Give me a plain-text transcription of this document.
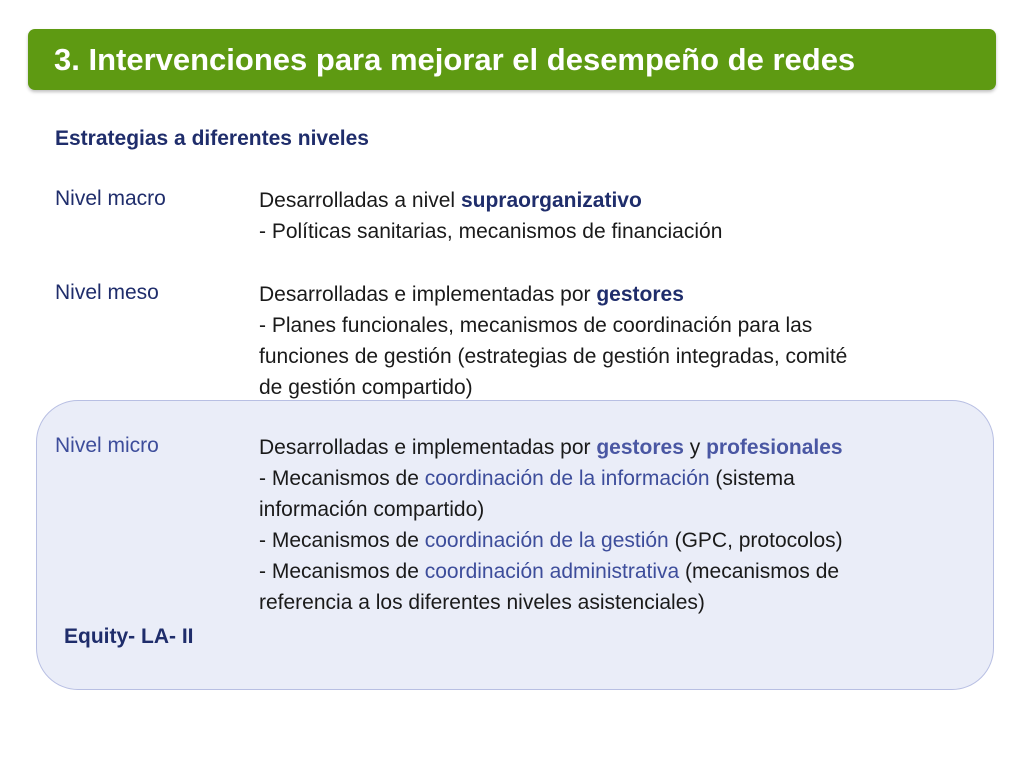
3. Intervenciones para mejorar el desempeño de redes
Estrategias a diferentes niveles
Nivel macro	Desarrolladas a nivel supraorganizativo
- Políticas sanitarias, mecanismos de financiación
Nivel meso	Desarrolladas e implementadas por gestores
- Planes funcionales, mecanismos de coordinación para las
funciones de gestión (estrategias de gestión integradas, comité
de gestión compartido)
Nivel micro	Desarrolladas e implementadas por gestores y profesionales
- Mecanismos de coordinación de la información (sistema
información compartido)
- Mecanismos de coordinación de la gestión (GPC, protocolos)
- Mecanismos de coordinación administrativa (mecanismos de
referencia a los diferentes niveles asistenciales)
Equity- LA- II
